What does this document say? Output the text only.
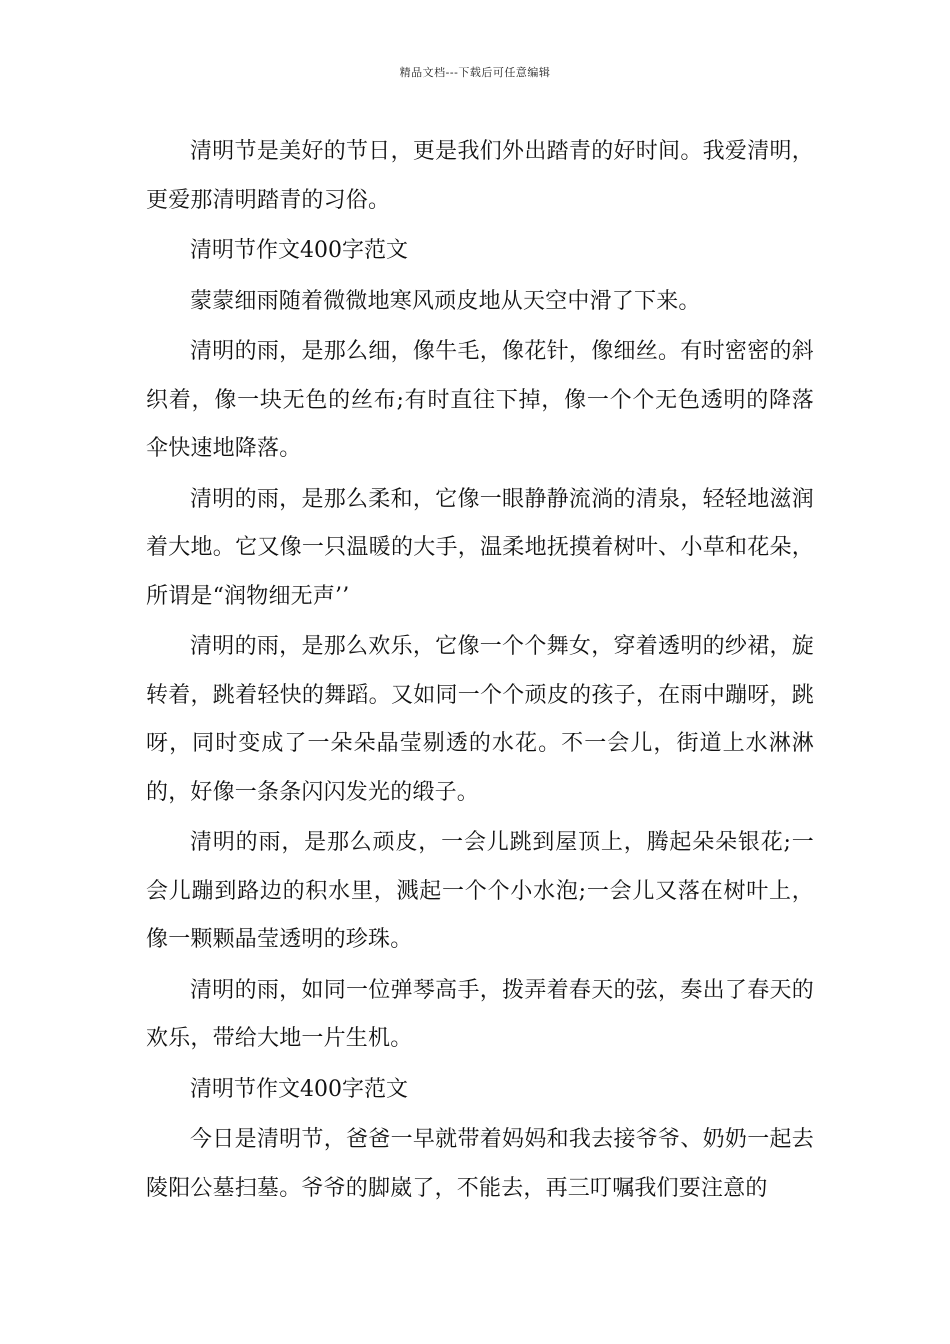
精品文档---下载后可任意编辑

清明节是美好的节日，更是我们外出踏青的好时间。我爱清明，更爱那清明踏青的习俗。

清明节作文400字范文

蒙蒙细雨随着微微地寒风顽皮地从天空中滑了下来。

清明的雨，是那么细，像牛毛，像花针，像细丝。有时密密的斜织着，像一块无色的丝布;有时直往下掉，像一个个无色透明的降落伞快速地降落。

清明的雨，是那么柔和，它像一眼静静流淌的清泉，轻轻地滋润着大地。它又像一只温暖的大手，温柔地抚摸着树叶、小草和花朵，所谓是“润物细无声’’

清明的雨，是那么欢乐，它像一个个舞女，穿着透明的纱裙，旋转着，跳着轻快的舞蹈。又如同一个个顽皮的孩子，在雨中蹦呀，跳呀，同时变成了一朵朵晶莹剔透的水花。不一会儿，街道上水淋淋的，好像一条条闪闪发光的缎子。

清明的雨，是那么顽皮，一会儿跳到屋顶上，腾起朵朵银花;一会儿蹦到路边的积水里，溅起一个个小水泡;一会儿又落在树叶上，像一颗颗晶莹透明的珍珠。

清明的雨，如同一位弹琴高手，拨弄着春天的弦，奏出了春天的欢乐，带给大地一片生机。

清明节作文400字范文

今日是清明节，爸爸一早就带着妈妈和我去接爷爷、奶奶一起去陵阳公墓扫墓。爷爷的脚崴了，不能去，再三叮嘱我们要注意的
